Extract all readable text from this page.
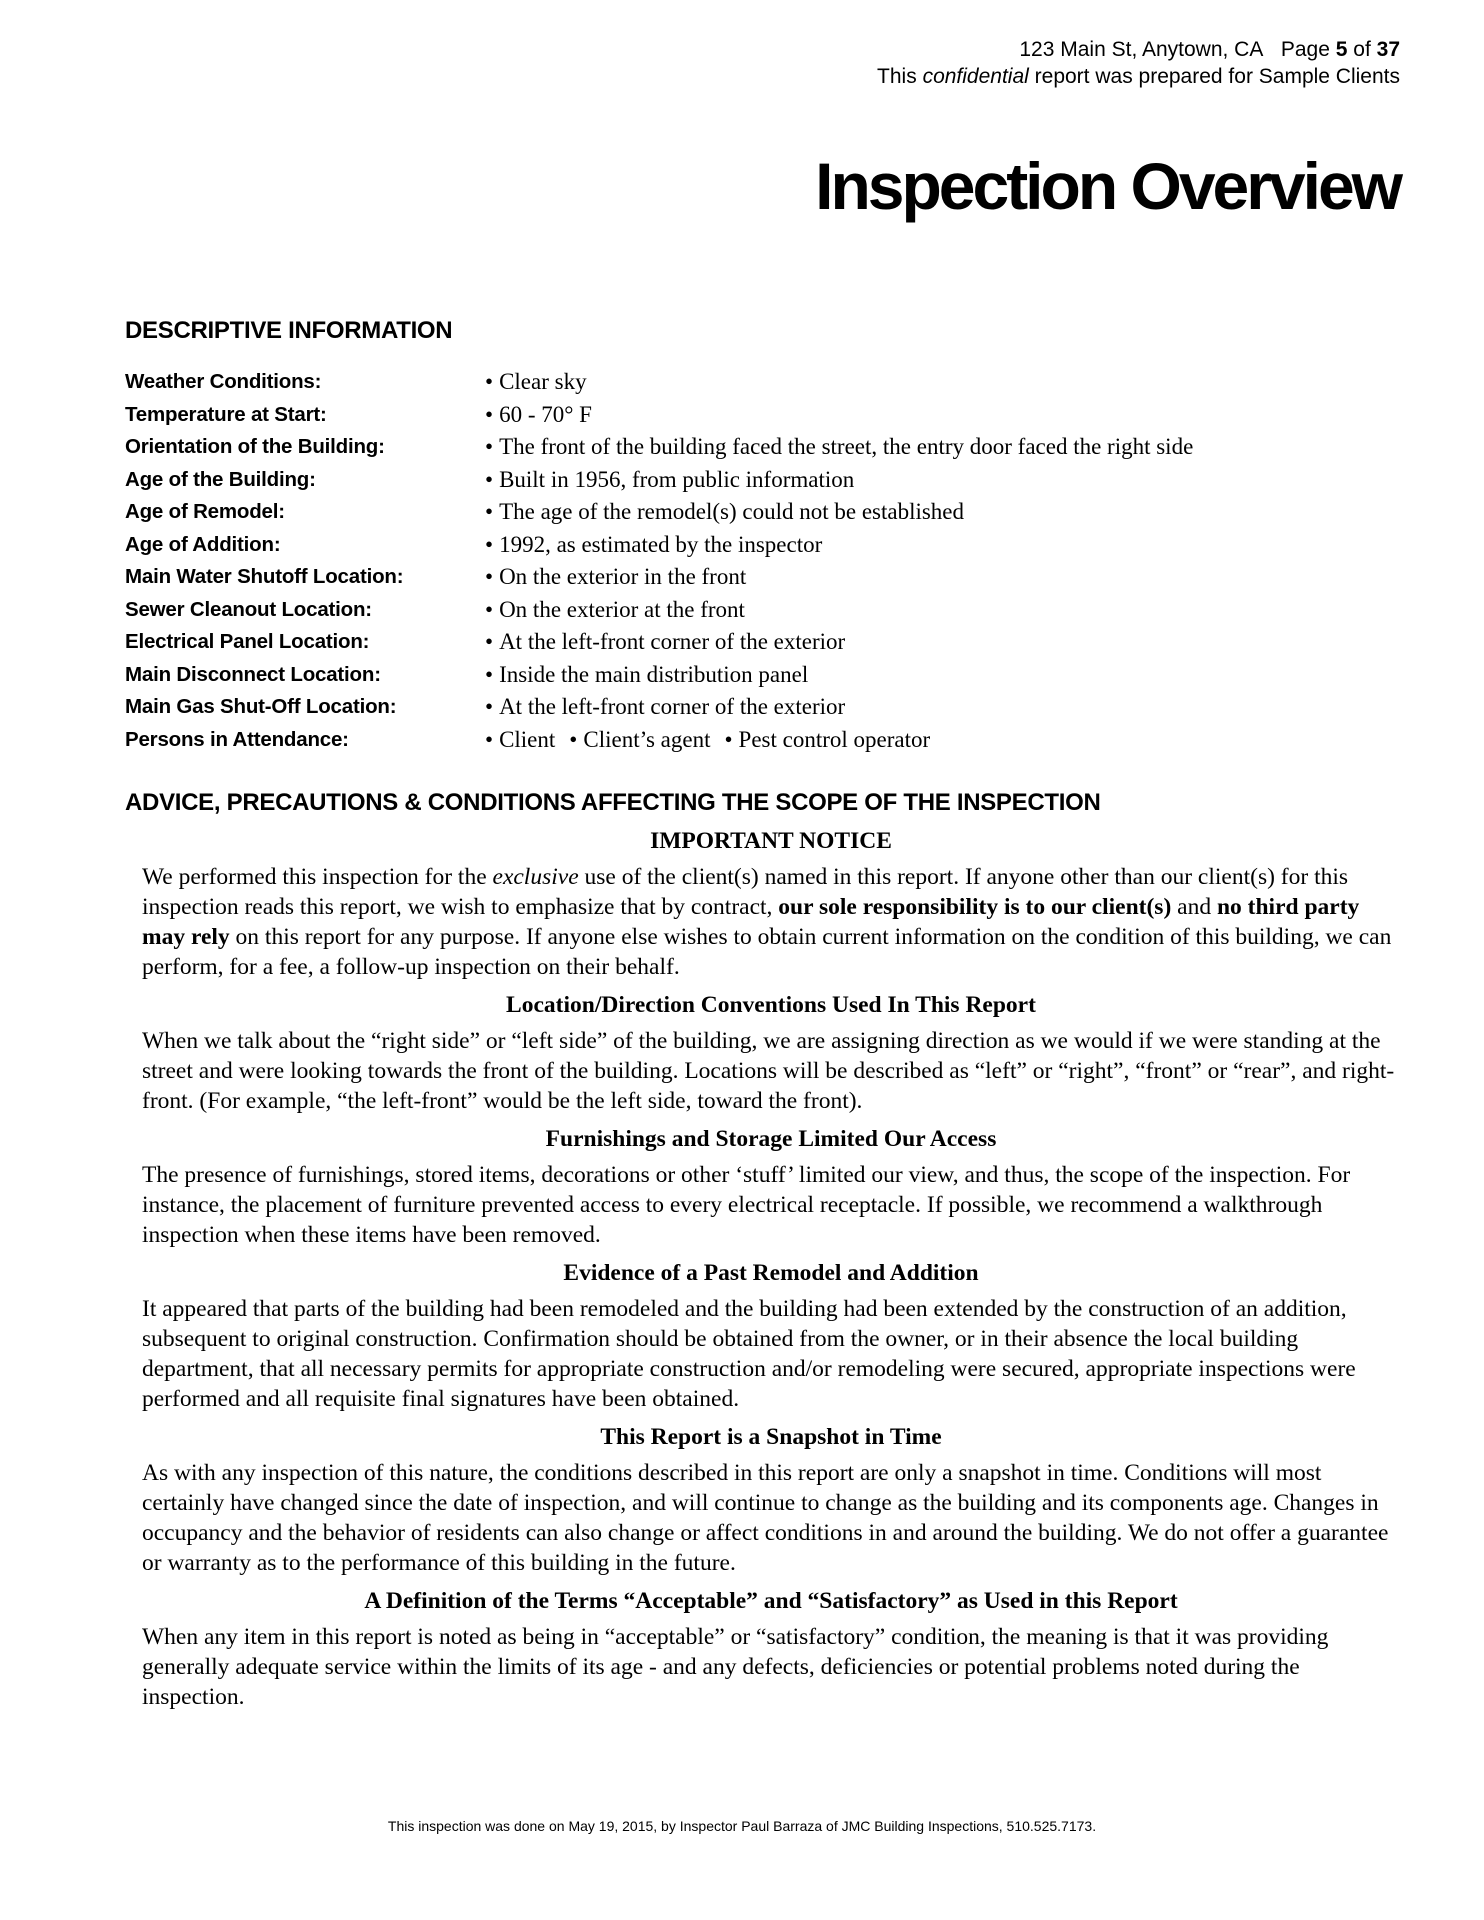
123 Main St, Anytown, CA Page 5 of 37
This confidential report was prepared for Sample Clients
Inspection Overview
DESCRIPTIVE INFORMATION
Weather Conditions:	• Clear sky
Temperature at Start:	• 60 - 70° F
Orientation of the Building:	• The front of the building faced the street, the entry door faced the right side
Age of the Building:	• Built in 1956, from public information
Age of Remodel:	• The age of the remodel(s) could not be established
Age of Addition:	• 1992, as estimated by the inspector
Main Water Shutoff Location:	• On the exterior in the front
Sewer Cleanout Location:	• On the exterior at the front
Electrical Panel Location:	• At the left-front corner of the exterior
Main Disconnect Location:	• Inside the main distribution panel
Main Gas Shut-Off Location:	• At the left-front corner of the exterior
Persons in Attendance:	• Client • Client’s agent • Pest control operator
ADVICE, PRECAUTIONS & CONDITIONS AFFECTING THE SCOPE OF THE INSPECTION
IMPORTANT NOTICE

We performed this inspection for the exclusive use of the client(s) named in this report. If anyone other than our client(s) for this inspection reads this report, we wish to emphasize that by contract, our sole responsibility is to our client(s) and no third party may rely on this report for any purpose. If anyone else wishes to obtain current information on the condition of this building, we can perform, for a fee, a follow-up inspection on their behalf.

Location/Direction Conventions Used In This Report

When we talk about the “right side” or “left side” of the building, we are assigning direction as we would if we were standing at the street and were looking towards the front of the building. Locations will be described as “left” or “right”, “front” or “rear”, and right-front. (For example, “the left-front” would be the left side, toward the front).

Furnishings and Storage Limited Our Access

The presence of furnishings, stored items, decorations or other ‘stuff’ limited our view, and thus, the scope of the inspection. For instance, the placement of furniture prevented access to every electrical receptacle. If possible, we recommend a walkthrough inspection when these items have been removed.

Evidence of a Past Remodel and Addition

It appeared that parts of the building had been remodeled and the building had been extended by the construction of an addition, subsequent to original construction. Confirmation should be obtained from the owner, or in their absence the local building department, that all necessary permits for appropriate construction and/or remodeling were secured, appropriate inspections were performed and all requisite final signatures have been obtained.

This Report is a Snapshot in Time

As with any inspection of this nature, the conditions described in this report are only a snapshot in time. Conditions will most certainly have changed since the date of inspection, and will continue to change as the building and its components age. Changes in occupancy and the behavior of residents can also change or affect conditions in and around the building. We do not offer a guarantee or warranty as to the performance of this building in the future.

A Definition of the Terms “Acceptable” and “Satisfactory” as Used in this Report

When any item in this report is noted as being in “acceptable” or “satisfactory” condition, the meaning is that it was providing generally adequate service within the limits of its age - and any defects, deficiencies or potential problems noted during the inspection.

This inspection was done on May 19, 2015, by Inspector Paul Barraza of JMC Building Inspections, 510.525.7173.
